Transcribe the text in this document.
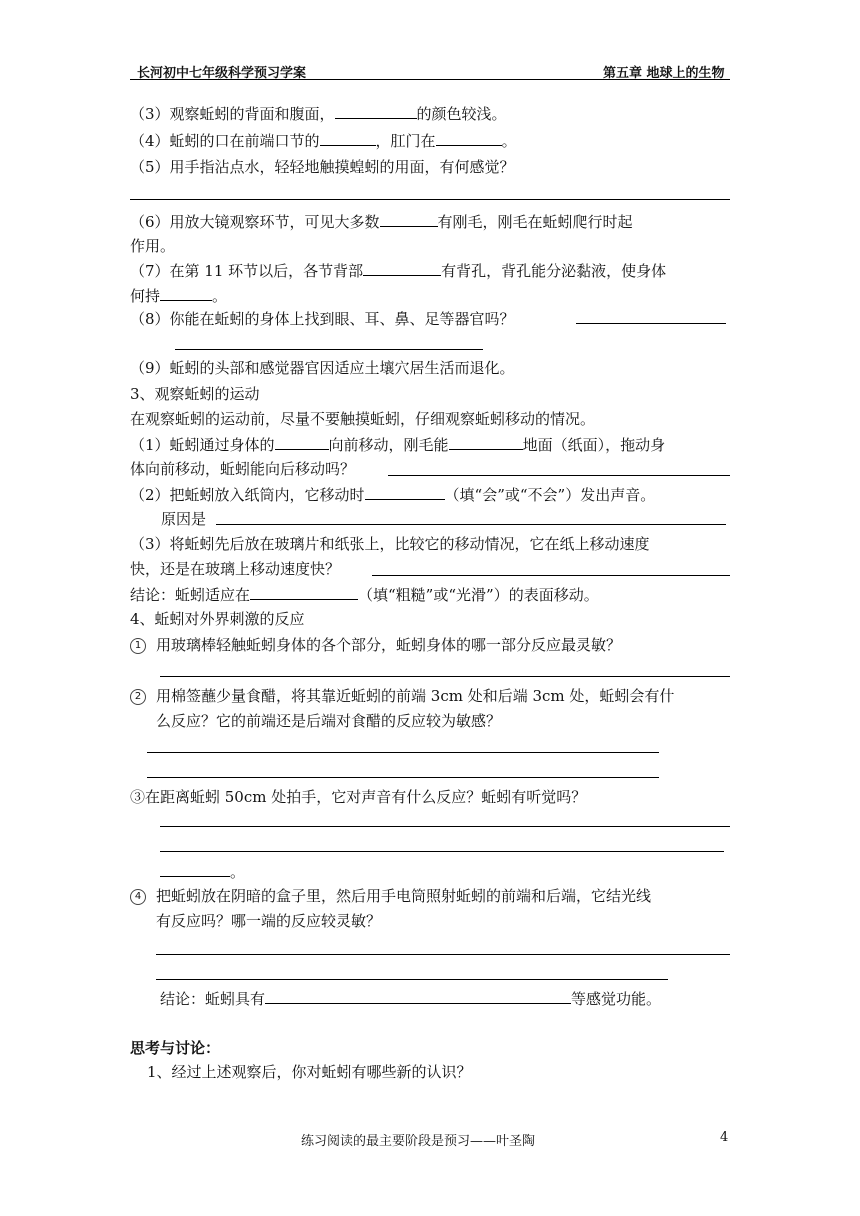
长河初中七年级科学预习学案	第五章 地球上的生物
（3）观察蚯蚓的背面和腹面，	的颜色较浅。
（4）蚯蚓的口在前端口节的	，肛门在	。
（5）用手指沾点水，轻轻地触摸蝗蚓的用面，有何感觉？
（6）用放大镜观察环节，可见大多数	有刚毛，刚毛在蚯蚓爬行时起
作用。
（7）在第 11 环节以后，各节背部	有背孔，背孔能分泌黏液，使身体
何持	。
（8）你能在蚯蚓的身体上找到眼、耳、鼻、足等器官吗？
（9）蚯蚓的头部和感觉器官因适应土壤穴居生活而退化。
3、观察蚯蚓的运动
在观察蚯蚓的运动前，尽量不要触摸蚯蚓，仔细观察蚯蚓移动的情况。
（1）蚯蚓通过身体的	向前移动，刚毛能	地面（纸面），拖动身
体向前移动，蚯蚓能向后移动吗？
（2）把蚯蚓放入纸筒内，它移动时	（填“会”或“不会”）发出声音。
原因是
（3）将蚯蚓先后放在玻璃片和纸张上，比较它的移动情况，它在纸上移动速度
快，还是在玻璃上移动速度快？
结论：蚯蚓适应在	（填“粗糙”或“光滑”）的表面移动。
4、蚯蚓对外界刺激的反应
1 用玻璃棒轻触蚯蚓身体的各个部分，蚯蚓身体的哪一部分反应最灵敏？
2 用棉签蘸少量食醋，将其靠近蚯蚓的前端 3cm 处和后端 3cm 处，蚯蚓会有什
么反应？它的前端还是后端对食醋的反应较为敏感？
③在距离蚯蚓 50cm 处拍手，它对声音有什么反应？蚯蚓有听觉吗？
。
4 把蚯蚓放在阴暗的盒子里，然后用手电筒照射蚯蚓的前端和后端，它结光线
有反应吗？哪一端的反应较灵敏？
结论：蚯蚓具有	等感觉功能。
思考与讨论：
1、经过上述观察后，你对蚯蚓有哪些新的认识？
练习阅读的最主要阶段是预习——叶圣陶	4
